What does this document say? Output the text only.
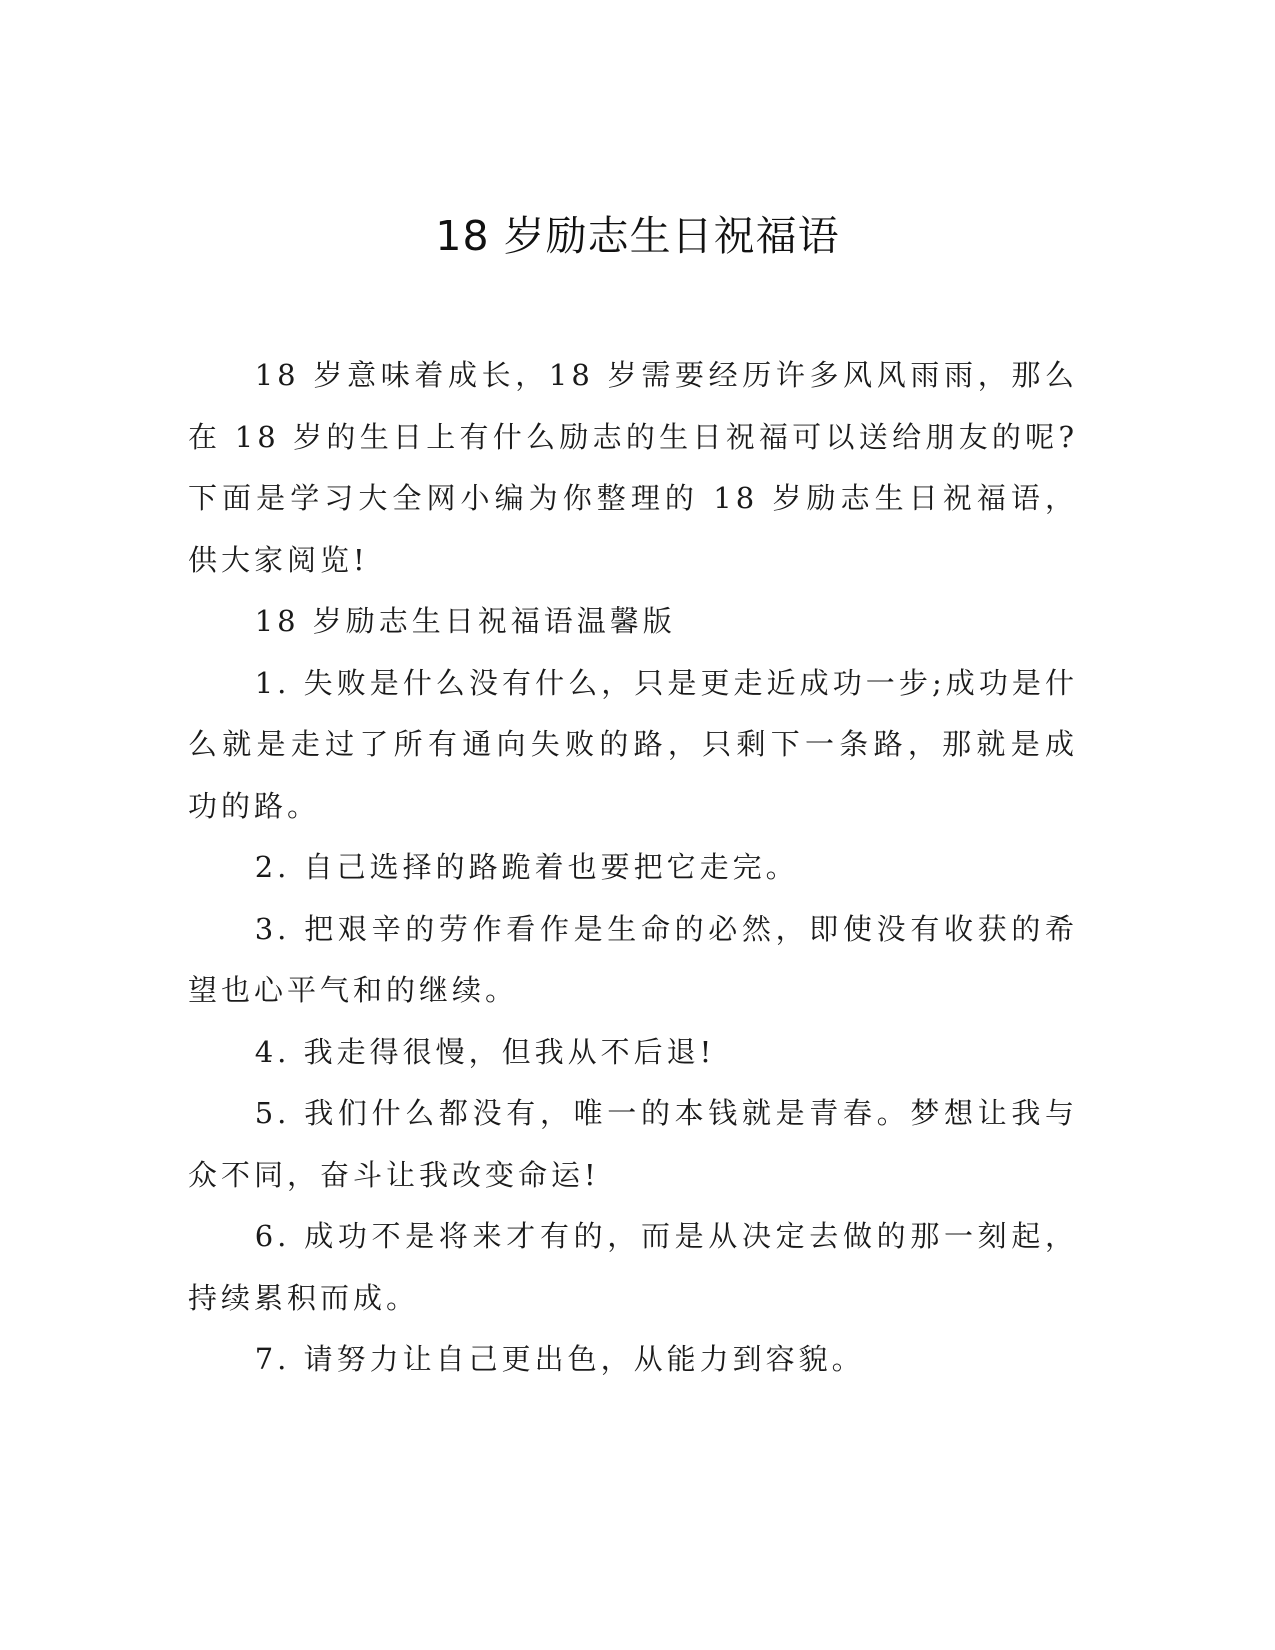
18 岁励志生日祝福语

18 岁意味着成长，18 岁需要经历许多风风雨雨，那么在 18 岁的生日上有什么励志的生日祝福可以送给朋友的呢?下面是学习大全网小编为你整理的 18 岁励志生日祝福语，供大家阅览!

18 岁励志生日祝福语温馨版

1. 失败是什么没有什么，只是更走近成功一步;成功是什么就是走过了所有通向失败的路，只剩下一条路，那就是成功的路。

2. 自己选择的路跪着也要把它走完。

3. 把艰辛的劳作看作是生命的必然，即使没有收获的希望也心平气和的继续。

4. 我走得很慢，但我从不后退!

5. 我们什么都没有，唯一的本钱就是青春。梦想让我与众不同，奋斗让我改变命运!

6. 成功不是将来才有的，而是从决定去做的那一刻起，持续累积而成。

7. 请努力让自己更出色，从能力到容貌。
